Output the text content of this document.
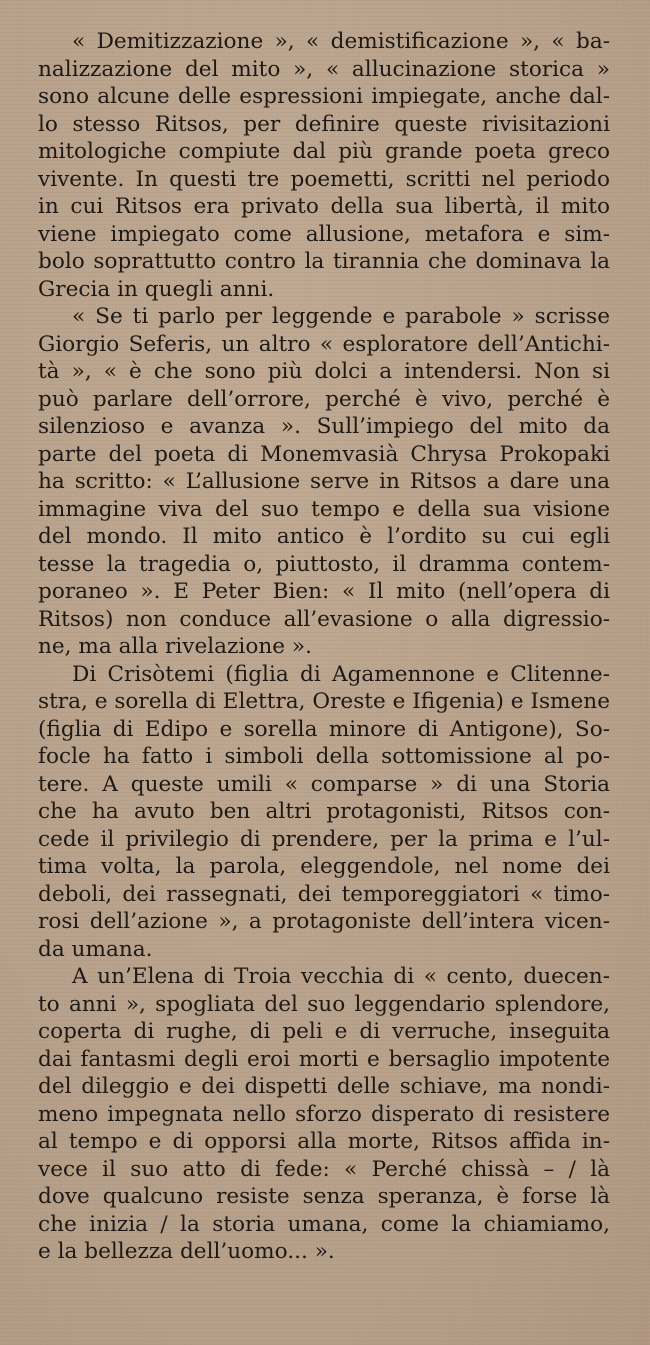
« Demitizzazione », « demistificazione », « ba-
nalizzazione del mito », « allucinazione storica »
sono alcune delle espressioni impiegate, anche dal-
lo stesso Ritsos, per definire queste rivisitazioni
mitologiche compiute dal più grande poeta greco
vivente. In questi tre poemetti, scritti nel periodo
in cui Ritsos era privato della sua libertà, il mito
viene impiegato come allusione, metafora e sim-
bolo soprattutto contro la tirannia che dominava la
Grecia in quegli anni.
« Se ti parlo per leggende e parabole » scrisse
Giorgio Seferis, un altro « esploratore dell’Antichi-
tà », « è che sono più dolci a intendersi. Non si
può parlare dell’orrore, perché è vivo, perché è
silenzioso e avanza ». Sull’impiego del mito da
parte del poeta di Monemvasià Chrysa Prokopaki
ha scritto: « L’allusione serve in Ritsos a dare una
immagine viva del suo tempo e della sua visione
del mondo. Il mito antico è l’ordito su cui egli
tesse la tragedia o, piuttosto, il dramma contem-
poraneo ». E Peter Bien: « Il mito (nell’opera di
Ritsos) non conduce all’evasione o alla digressio-
ne, ma alla rivelazione ».
Di Crisòtemi (figlia di Agamennone e Clitenne-
stra, e sorella di Elettra, Oreste e Ifigenia) e Ismene
(figlia di Edipo e sorella minore di Antigone), So-
focle ha fatto i simboli della sottomissione al po-
tere. A queste umili « comparse » di una Storia
che ha avuto ben altri protagonisti, Ritsos con-
cede il privilegio di prendere, per la prima e l’ul-
tima volta, la parola, eleggendole, nel nome dei
deboli, dei rassegnati, dei temporeggiatori « timo-
rosi dell’azione », a protagoniste dell’intera vicen-
da umana.
A un’Elena di Troia vecchia di « cento, duecen-
to anni », spogliata del suo leggendario splendore,
coperta di rughe, di peli e di verruche, inseguita
dai fantasmi degli eroi morti e bersaglio impotente
del dileggio e dei dispetti delle schiave, ma nondi-
meno impegnata nello sforzo disperato di resistere
al tempo e di opporsi alla morte, Ritsos affida in-
vece il suo atto di fede: « Perché chissà – / là
dove qualcuno resiste senza speranza, è forse là
che inizia / la storia umana, come la chiamiamo,
e la bellezza dell’uomo... ».
